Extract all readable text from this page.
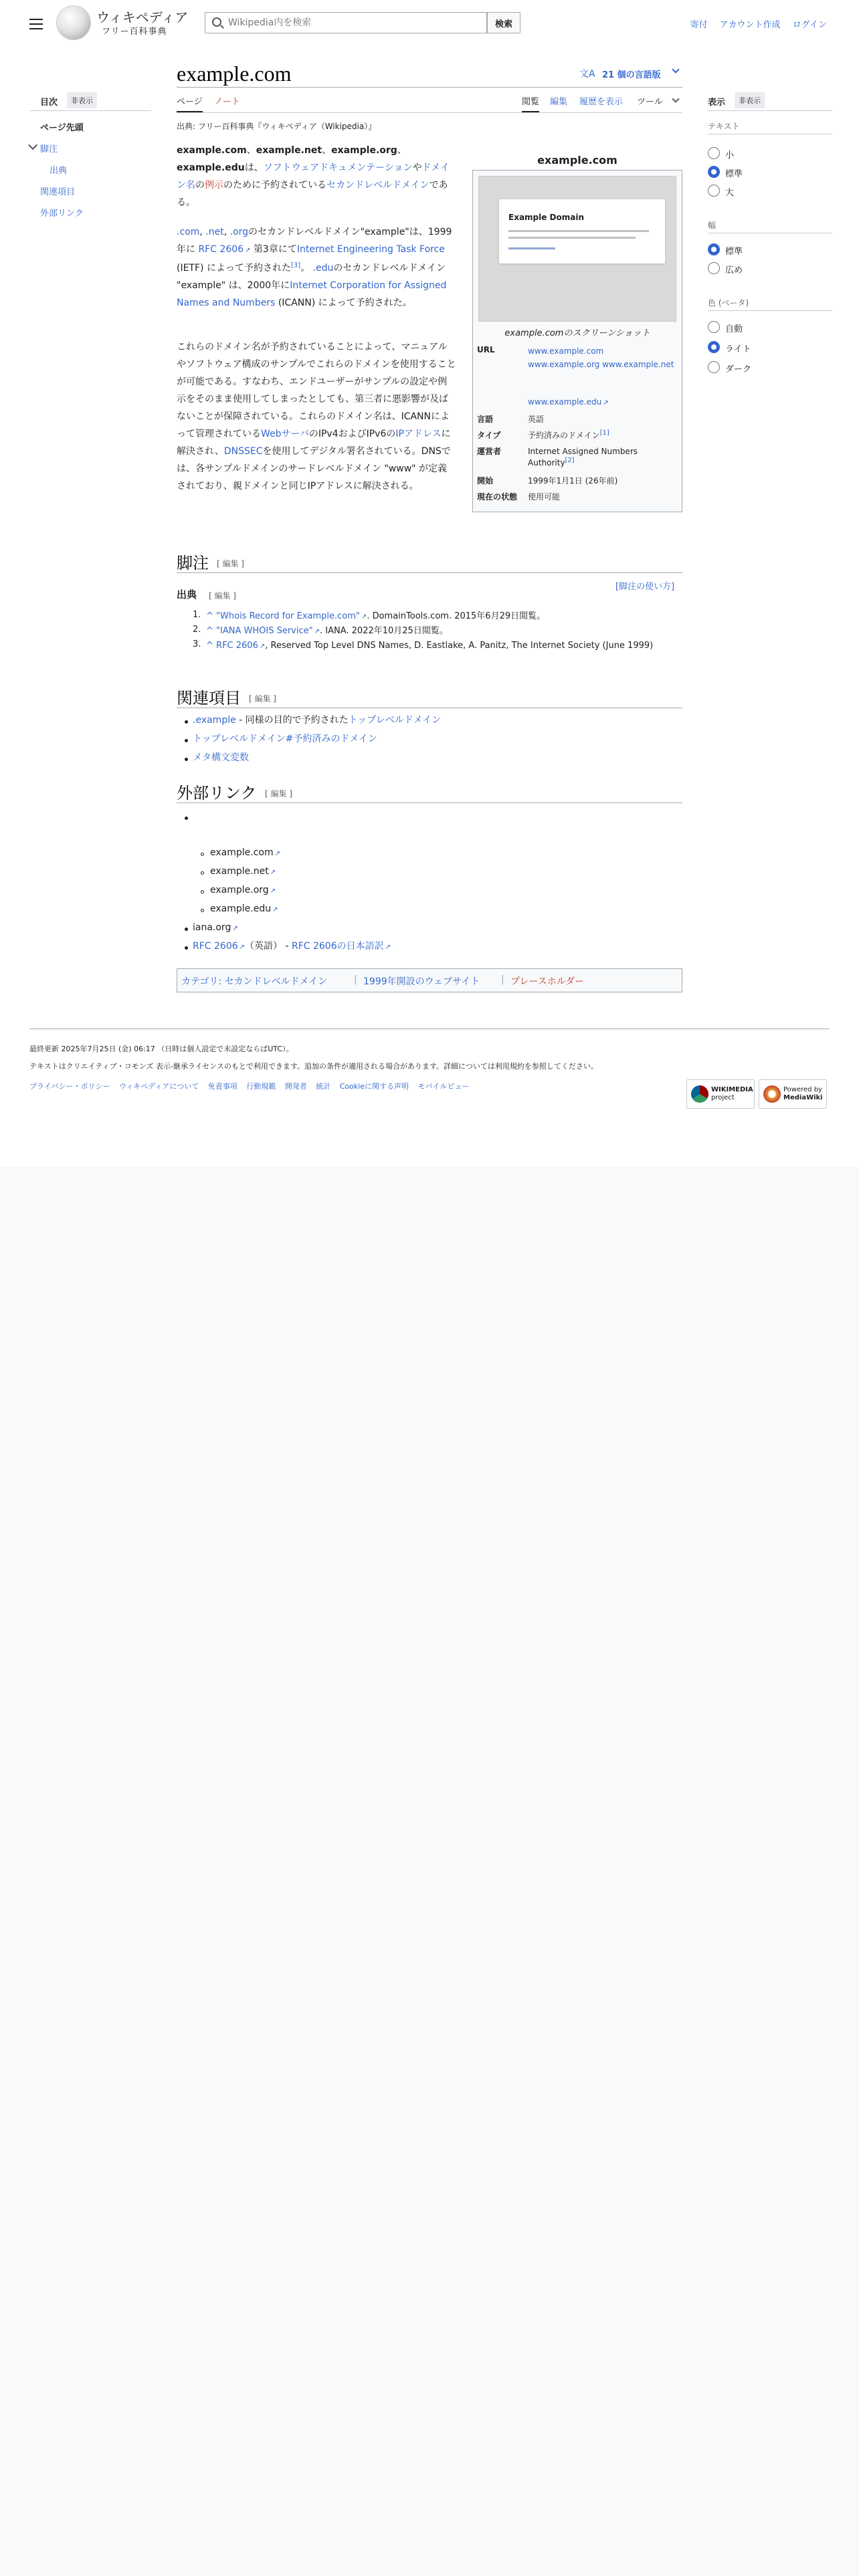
ウィキペディア
フリー百科事典
Wikipedia内を検索
検索	寄付 アカウント作成 ログイン
目次	非表示
ページ先頭
脚注
出典
関連項目
外部リンク
example.com	文A 21 個の言語版
ページ ノート	閲覧 編集 履歴を表示 ツール
出典: フリー百科事典『ウィキペディア（Wikipedia）』
example.com、example.net、example.org、example.eduは、ソフトウェアドキュメンテーションやドメイン名の例示のために予約されているセカンドレベルドメインである。
.com, .net, .orgのセカンドレベルドメイン"example"は、1999年に RFC 2606 ↗ 第3章にてInternet Engineering Task Force (IETF) によって予約された[3]。 .eduのセカンドレベルドメイン "example" は、2000年にInternet Corporation for Assigned Names and Numbers (ICANN) によって予約された。
これらのドメイン名が予約されていることによって、マニュアルやソフトウェア構成のサンプルでこれらのドメインを使用することが可能である。すなわち、エンドユーザーがサンプルの設定や例示をそのまま使用してしまったとしても、第三者に悪影響が及ばないことが保障されている。これらのドメイン名は、ICANNによって管理されているWebサーバのIPv4およびIPv6のIPアドレスに解決され、DNSSECを使用してデジタル署名されている。DNSでは、各サンプルドメインのサードレベルドメイン "www" が定義されており、親ドメインと同じIPアドレスに解決される。
example.com
Example Domain
example.comのスクリーンショット
URL	www.example.com www.example.org www.example.net
www.example.edu ↗
言語	英語
タイプ	予約済みのドメイン[1]
運営者	Internet Assigned Numbers Authority[2]
開始	1999年1月1日 (26年前)
現在の状態	使用可能
脚注 [ 編集 ]
[脚注の使い方]
出典 [ 編集 ]
1. ^ "Whois Record for Example.com" ↗ . DomainTools.com. 2015年6月29日閲覧。
2. ^ "IANA WHOIS Service" ↗ . IANA. 2022年10月25日閲覧。
3. ^ RFC 2606 ↗ , Reserved Top Level DNS Names, D. Eastlake, A. Panitz, The Internet Society (June 1999)
関連項目 [ 編集 ]
.example - 同様の目的で予約されたトップレベルドメイン
トップレベルドメイン#予約済みのドメイン
メタ構文変数
外部リンク [ 編集 ]
example.com ↗
example.net ↗
example.org ↗
example.edu ↗
iana.org ↗
RFC 2606 ↗ （英語） - RFC 2606の日本語訳 ↗
カテゴリ: セカンドレベルドメイン	| 1999年開設のウェブサイト | プレースホルダー
表示	非表示
テキスト
小
標準
大
幅
標準
広め
色 (ベータ)
自動
ライト
ダーク
最終更新 2025年7月25日 (金) 06:17 （日時は個人設定で未設定ならばUTC）。
テキストはクリエイティブ・コモンズ 表示-継承ライセンスのもとで利用できます。追加の条件が適用される場合があります。詳細については利用規約を参照してください。
プライバシー・ポリシー ウィキペディアについて 免責事項 行動規範 開発者 統計 Cookieに関する声明 モバイルビュー	WIKIMEDIA
project
Powered by
MediaWiki
